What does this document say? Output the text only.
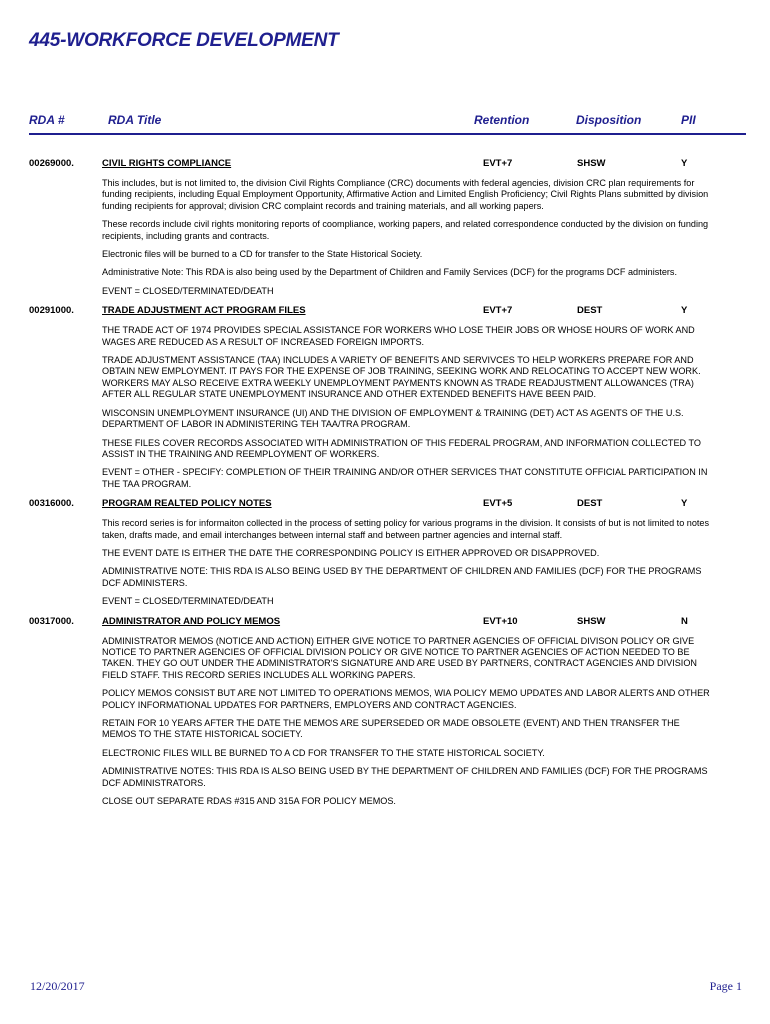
445-WORKFORCE DEVELOPMENT
RDA #	RDA Title	Retention	Disposition	PII
00269000.	CIVIL RIGHTS COMPLIANCE	EVT+7	SHSW	Y

This includes, but is not limited to, the division Civil Rights Compliance (CRC) documents with federal agencies, division CRC plan requirements for funding recipients, including Equal Employment Opportunity, Affirmative Action and Limited English Proficiency; Civil Rights Plans submitted by division funding recipients for approval; division CRC complaint records and training materials, and all working papers.

These records include civil rights monitoring reports of coompliance, working papers, and related correspondence conducted by the division on funding recipients, including grants and contracts.

Electronic files will be burned to a CD for transfer to the State Historical Society.

Administrative Note: This RDA is also being used by the Department of Children and Family Services (DCF) for the programs DCF administers.

EVENT = CLOSED/TERMINATED/DEATH

00291000.	TRADE ADJUSTMENT ACT PROGRAM FILES	EVT+7	DEST	Y

THE TRADE ACT OF 1974 PROVIDES SPECIAL ASSISTANCE FOR WORKERS WHO LOSE THEIR JOBS OR WHOSE HOURS OF WORK AND WAGES ARE REDUCED AS A RESULT OF INCREASED FOREIGN IMPORTS.

TRADE ADJUSTMENT ASSISTANCE (TAA) INCLUDES A VARIETY OF BENEFITS AND SERVIVCES TO HELP WORKERS PREPARE FOR AND OBTAIN NEW EMPLOYMENT. IT PAYS FOR THE EXPENSE OF JOB TRAINING, SEEKING WORK AND RELOCATING TO ACCEPT NEW WORK. WORKERS MAY ALSO RECEIVE EXTRA WEEKLY UNEMPLOYMENT PAYMENTS KNOWN AS TRADE READJUSTMENT ALLOWANCES (TRA) AFTER ALL REGULAR STATE UNEMPLOYMENT INSURANCE AND OTHER EXTENDED BENEFITS HAVE BEEN PAID.

WISCONSIN UNEMPLOYMENT INSURANCE (UI) AND THE DIVISION OF EMPLOYMENT & TRAINING (DET) ACT AS AGENTS OF THE U.S. DEPARTMENT OF LABOR IN ADMINISTERING TEH TAA/TRA PROGRAM.

THESE FILES COVER RECORDS ASSOCIATED WITH ADMINISTRATION OF THIS FEDERAL PROGRAM, AND INFORMATION COLLECTED TO ASSIST IN THE TRAINING AND REEMPLOYMENT OF WORKERS.

EVENT = OTHER - SPECIFY: COMPLETION OF THEIR TRAINING AND/OR OTHER SERVICES THAT CONSTITUTE OFFICIAL PARTICIPATION IN THE TAA PROGRAM.

00316000.	PROGRAM REALTED POLICY NOTES	EVT+5	DEST	Y

This record series is for informaiton collected in the process of setting policy for various programs in the division. It consists of but is not limited to notes taken, drafts made, and email interchanges between internal staff and between partner agencies and internal staff.

THE EVENT DATE IS EITHER THE DATE THE CORRESPONDING POLICY IS EITHER APPROVED OR DISAPPROVED.

ADMINISTRATIVE NOTE: THIS RDA IS ALSO BEING USED BY THE DEPARTMENT OF CHILDREN AND FAMILIES (DCF) FOR THE PROGRAMS DCF ADMINISTERS.

EVENT = CLOSED/TERMINATED/DEATH

00317000.	ADMINISTRATOR AND POLICY MEMOS	EVT+10	SHSW	N

ADMINISTRATOR MEMOS (NOTICE AND ACTION) EITHER GIVE NOTICE TO PARTNER AGENCIES OF OFFICIAL DIVISON POLICY OR GIVE NOTICE TO PARTNER AGENCIES OF OFFICIAL DIVISION POLICY OR GIVE NOTICE TO PARTNER AGENCIES OF ACTION NEEDED TO BE TAKEN. THEY GO OUT UNDER THE ADMINISTRATOR'S SIGNATURE AND ARE USED BY PARTNERS, CONTRACT AGENCIES AND DIVISION FIELD STAFF. THIS RECORD SERIES INCLUDES ALL WORKING PAPERS.

POLICY MEMOS CONSIST BUT ARE NOT LIMITED TO OPERATIONS MEMOS, WIA POLICY MEMO UPDATES AND LABOR ALERTS AND OTHER POLICY INFORMATIONAL UPDATES FOR PARTNERS, EMPLOYERS AND CONTRACT AGENCIES.

RETAIN FOR 10 YEARS AFTER THE DATE THE MEMOS ARE SUPERSEDED OR MADE OBSOLETE (EVENT) AND THEN TRANSFER THE MEMOS TO THE STATE HISTORICAL SOCIETY.

ELECTRONIC FILES WILL BE BURNED TO A CD FOR TRANSFER TO THE STATE HISTORICAL SOCIETY.

ADMINISTRATIVE NOTES: THIS RDA IS ALSO BEING USED BY THE DEPARTMENT OF CHILDREN AND FAMILIES (DCF) FOR THE PROGRAMS DCF ADMINISTRATORS.

CLOSE OUT SEPARATE RDAS #315 AND 315A FOR POLICY MEMOS.

12/20/2017	Page 1
